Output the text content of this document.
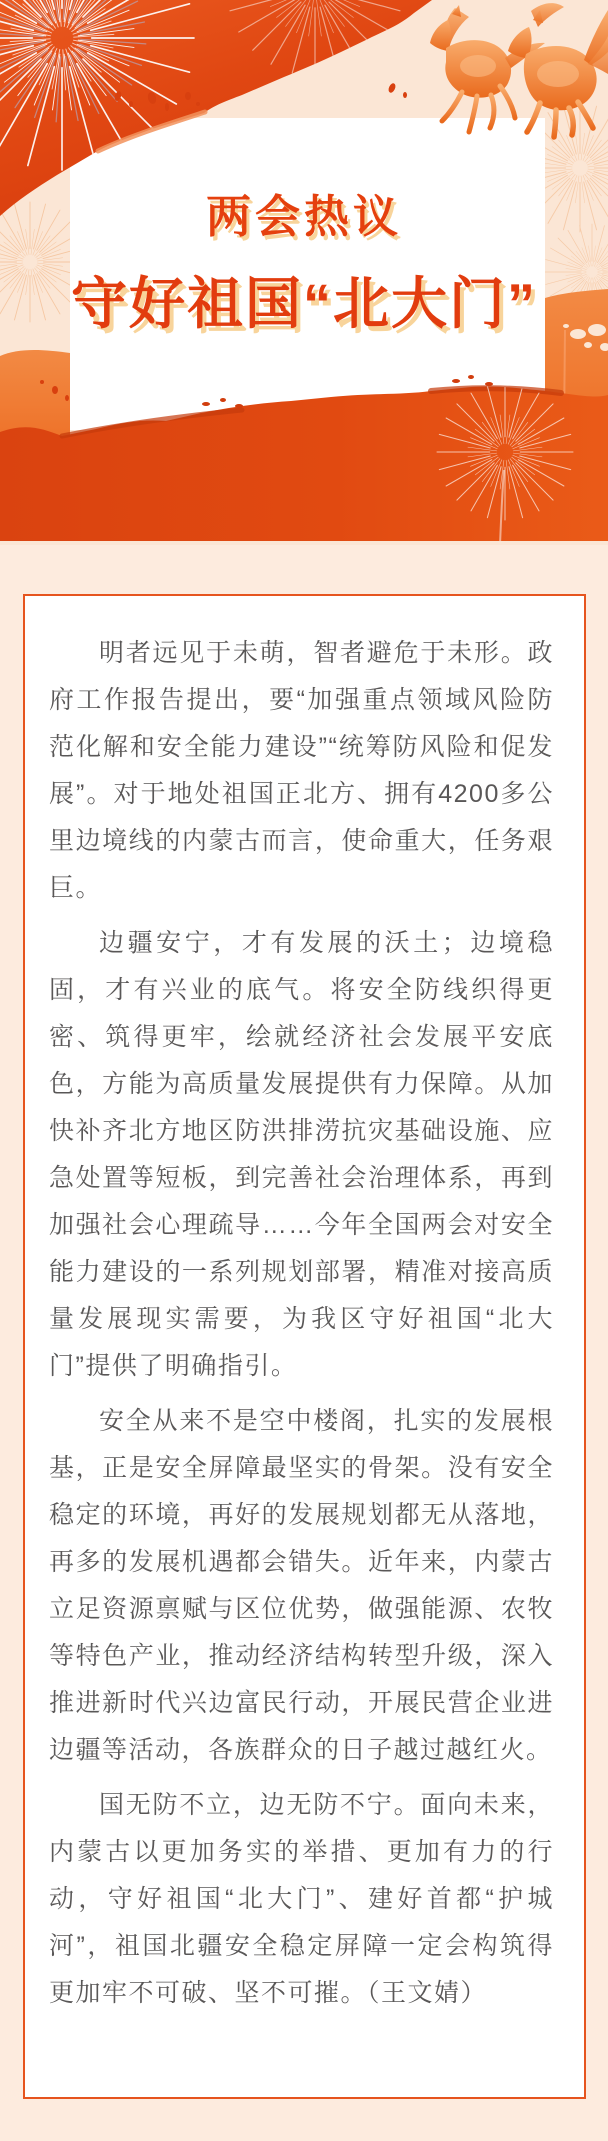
两会热议
守好祖国“北大门”

明者远见于未萌，智者避危于未形。政府工作报告提出，要“加强重点领域风险防范化解和安全能力建设”“统筹防风险和促发展”。对于地处祖国正北方、拥有4200多公里边境线的内蒙古而言，使命重大，任务艰巨。

边疆安宁，才有发展的沃土；边境稳固，才有兴业的底气。将安全防线织得更密、筑得更牢，绘就经济社会发展平安底色，方能为高质量发展提供有力保障。从加快补齐北方地区防洪排涝抗灾基础设施、应急处置等短板，到完善社会治理体系，再到加强社会心理疏导……今年全国两会对安全能力建设的一系列规划部署，精准对接高质量发展现实需要，为我区守好祖国“北大门”提供了明确指引。

安全从来不是空中楼阁，扎实的发展根基，正是安全屏障最坚实的骨架。没有安全稳定的环境，再好的发展规划都无从落地，再多的发展机遇都会错失。近年来，内蒙古立足资源禀赋与区位优势，做强能源、农牧等特色产业，推动经济结构转型升级，深入推进新时代兴边富民行动，开展民营企业进边疆等活动，各族群众的日子越过越红火。

国无防不立，边无防不宁。面向未来，内蒙古以更加务实的举措、更加有力的行动，守好祖国“北大门”、建好首都“护城河”，祖国北疆安全稳定屏障一定会构筑得更加牢不可破、坚不可摧。（王文婧）
